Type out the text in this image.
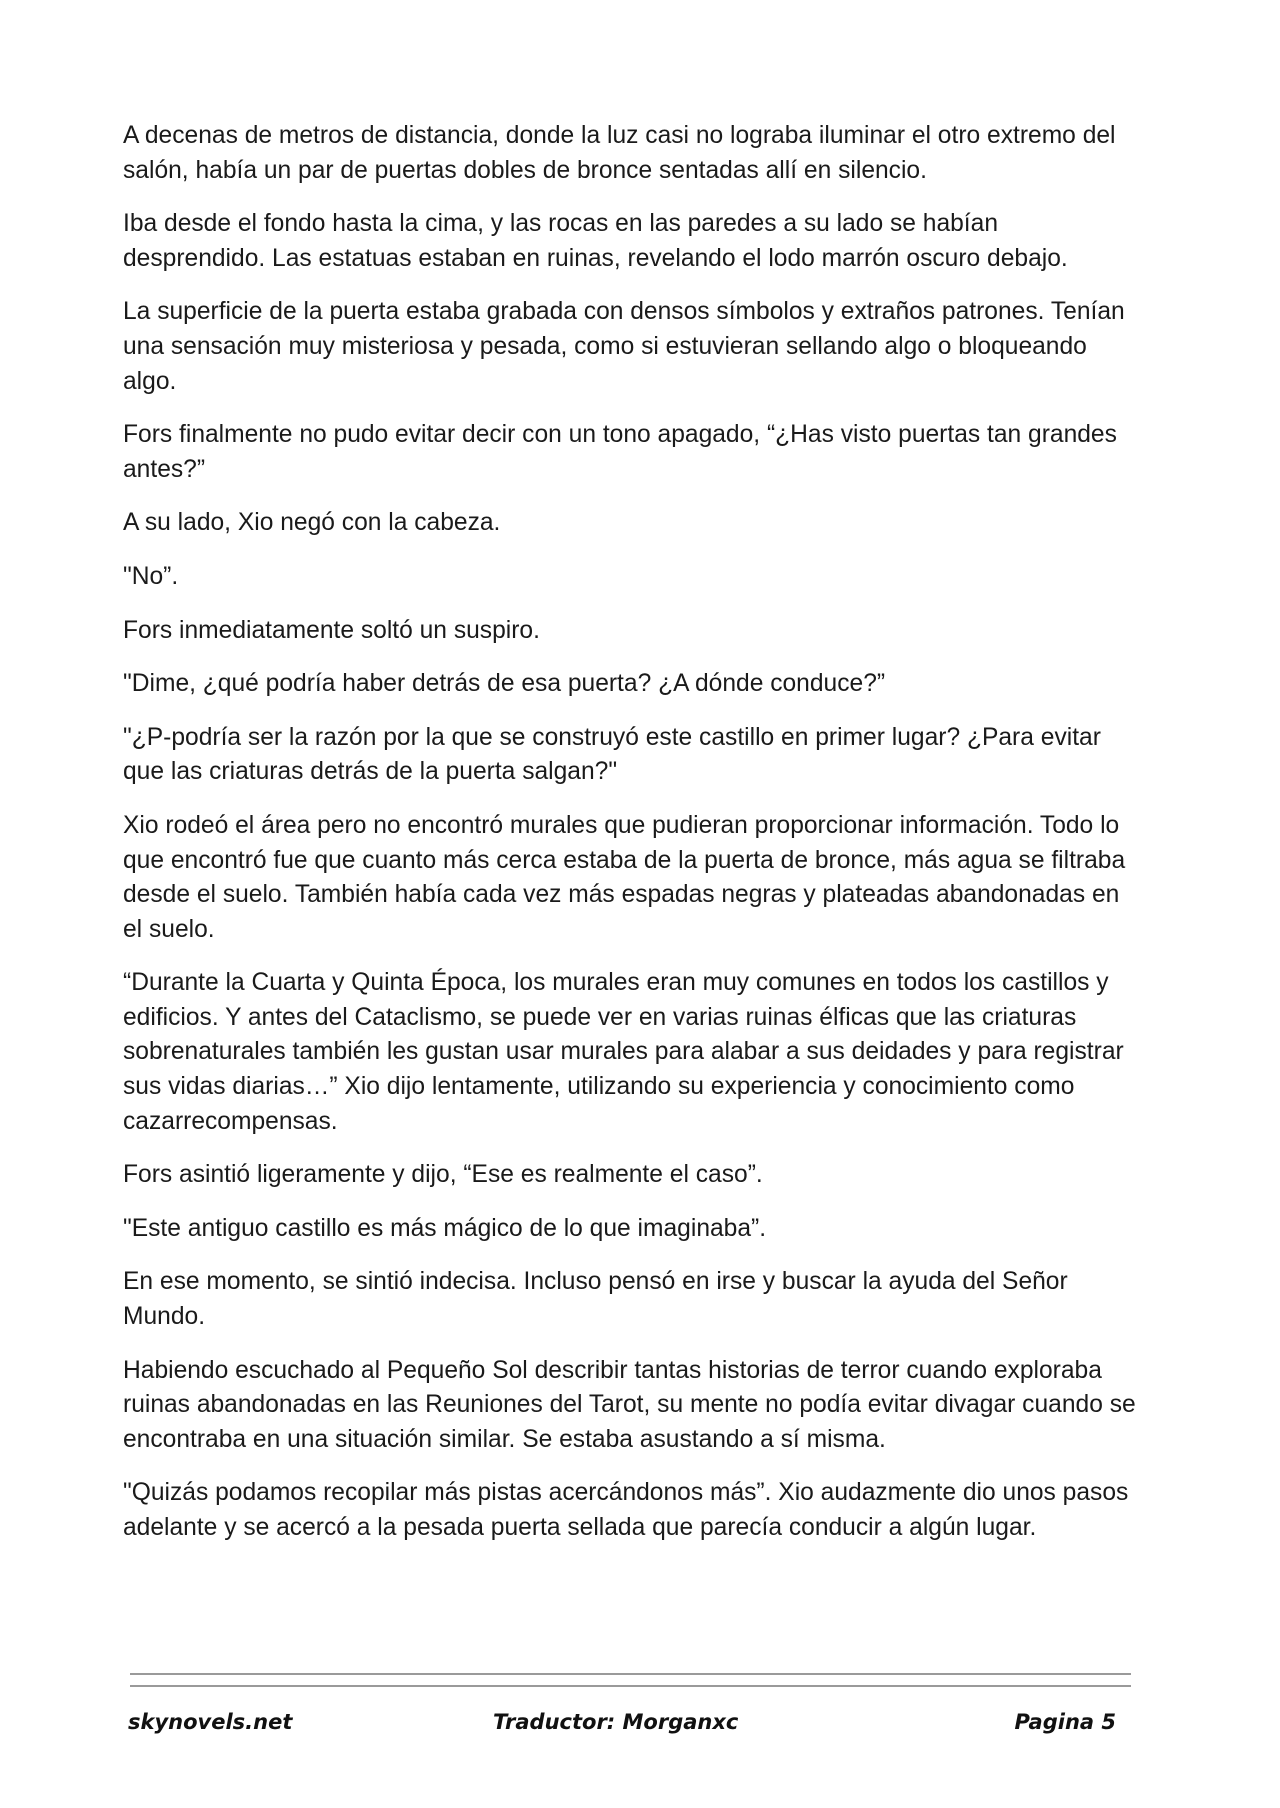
A decenas de metros de distancia, donde la luz casi no lograba iluminar el otro extremo del salón, había un par de puertas dobles de bronce sentadas allí en silencio.

Iba desde el fondo hasta la cima, y las rocas en las paredes a su lado se habían desprendido. Las estatuas estaban en ruinas, revelando el lodo marrón oscuro debajo.

La superficie de la puerta estaba grabada con densos símbolos y extraños patrones. Tenían una sensación muy misteriosa y pesada, como si estuvieran sellando algo o bloqueando algo.

Fors finalmente no pudo evitar decir con un tono apagado, “¿Has visto puertas tan grandes antes?”

A su lado, Xio negó con la cabeza.

"No”.

Fors inmediatamente soltó un suspiro.

"Dime, ¿qué podría haber detrás de esa puerta? ¿A dónde conduce?”

"¿P-podría ser la razón por la que se construyó este castillo en primer lugar? ¿Para evitar que las criaturas detrás de la puerta salgan?"

Xio rodeó el área pero no encontró murales que pudieran proporcionar información. Todo lo que encontró fue que cuanto más cerca estaba de la puerta de bronce, más agua se filtraba desde el suelo. También había cada vez más espadas negras y plateadas abandonadas en el suelo.

“Durante la Cuarta y Quinta Época, los murales eran muy comunes en todos los castillos y edificios. Y antes del Cataclismo, se puede ver en varias ruinas élficas que las criaturas sobrenaturales también les gustan usar murales para alabar a sus deidades y para registrar sus vidas diarias…” Xio dijo lentamente, utilizando su experiencia y conocimiento como cazarrecompensas.

Fors asintió ligeramente y dijo, “Ese es realmente el caso”.

"Este antiguo castillo es más mágico de lo que imaginaba”.

En ese momento, se sintió indecisa. Incluso pensó en irse y buscar la ayuda del Señor Mundo.

Habiendo escuchado al Pequeño Sol describir tantas historias de terror cuando exploraba ruinas abandonadas en las Reuniones del Tarot, su mente no podía evitar divagar cuando se encontraba en una situación similar. Se estaba asustando a sí misma.

"Quizás podamos recopilar más pistas acercándonos más”. Xio audazmente dio unos pasos adelante y se acercó a la pesada puerta sellada que parecía conducir a algún lugar.

skynovels.net	Traductor: Morganxc	Pagina 5
